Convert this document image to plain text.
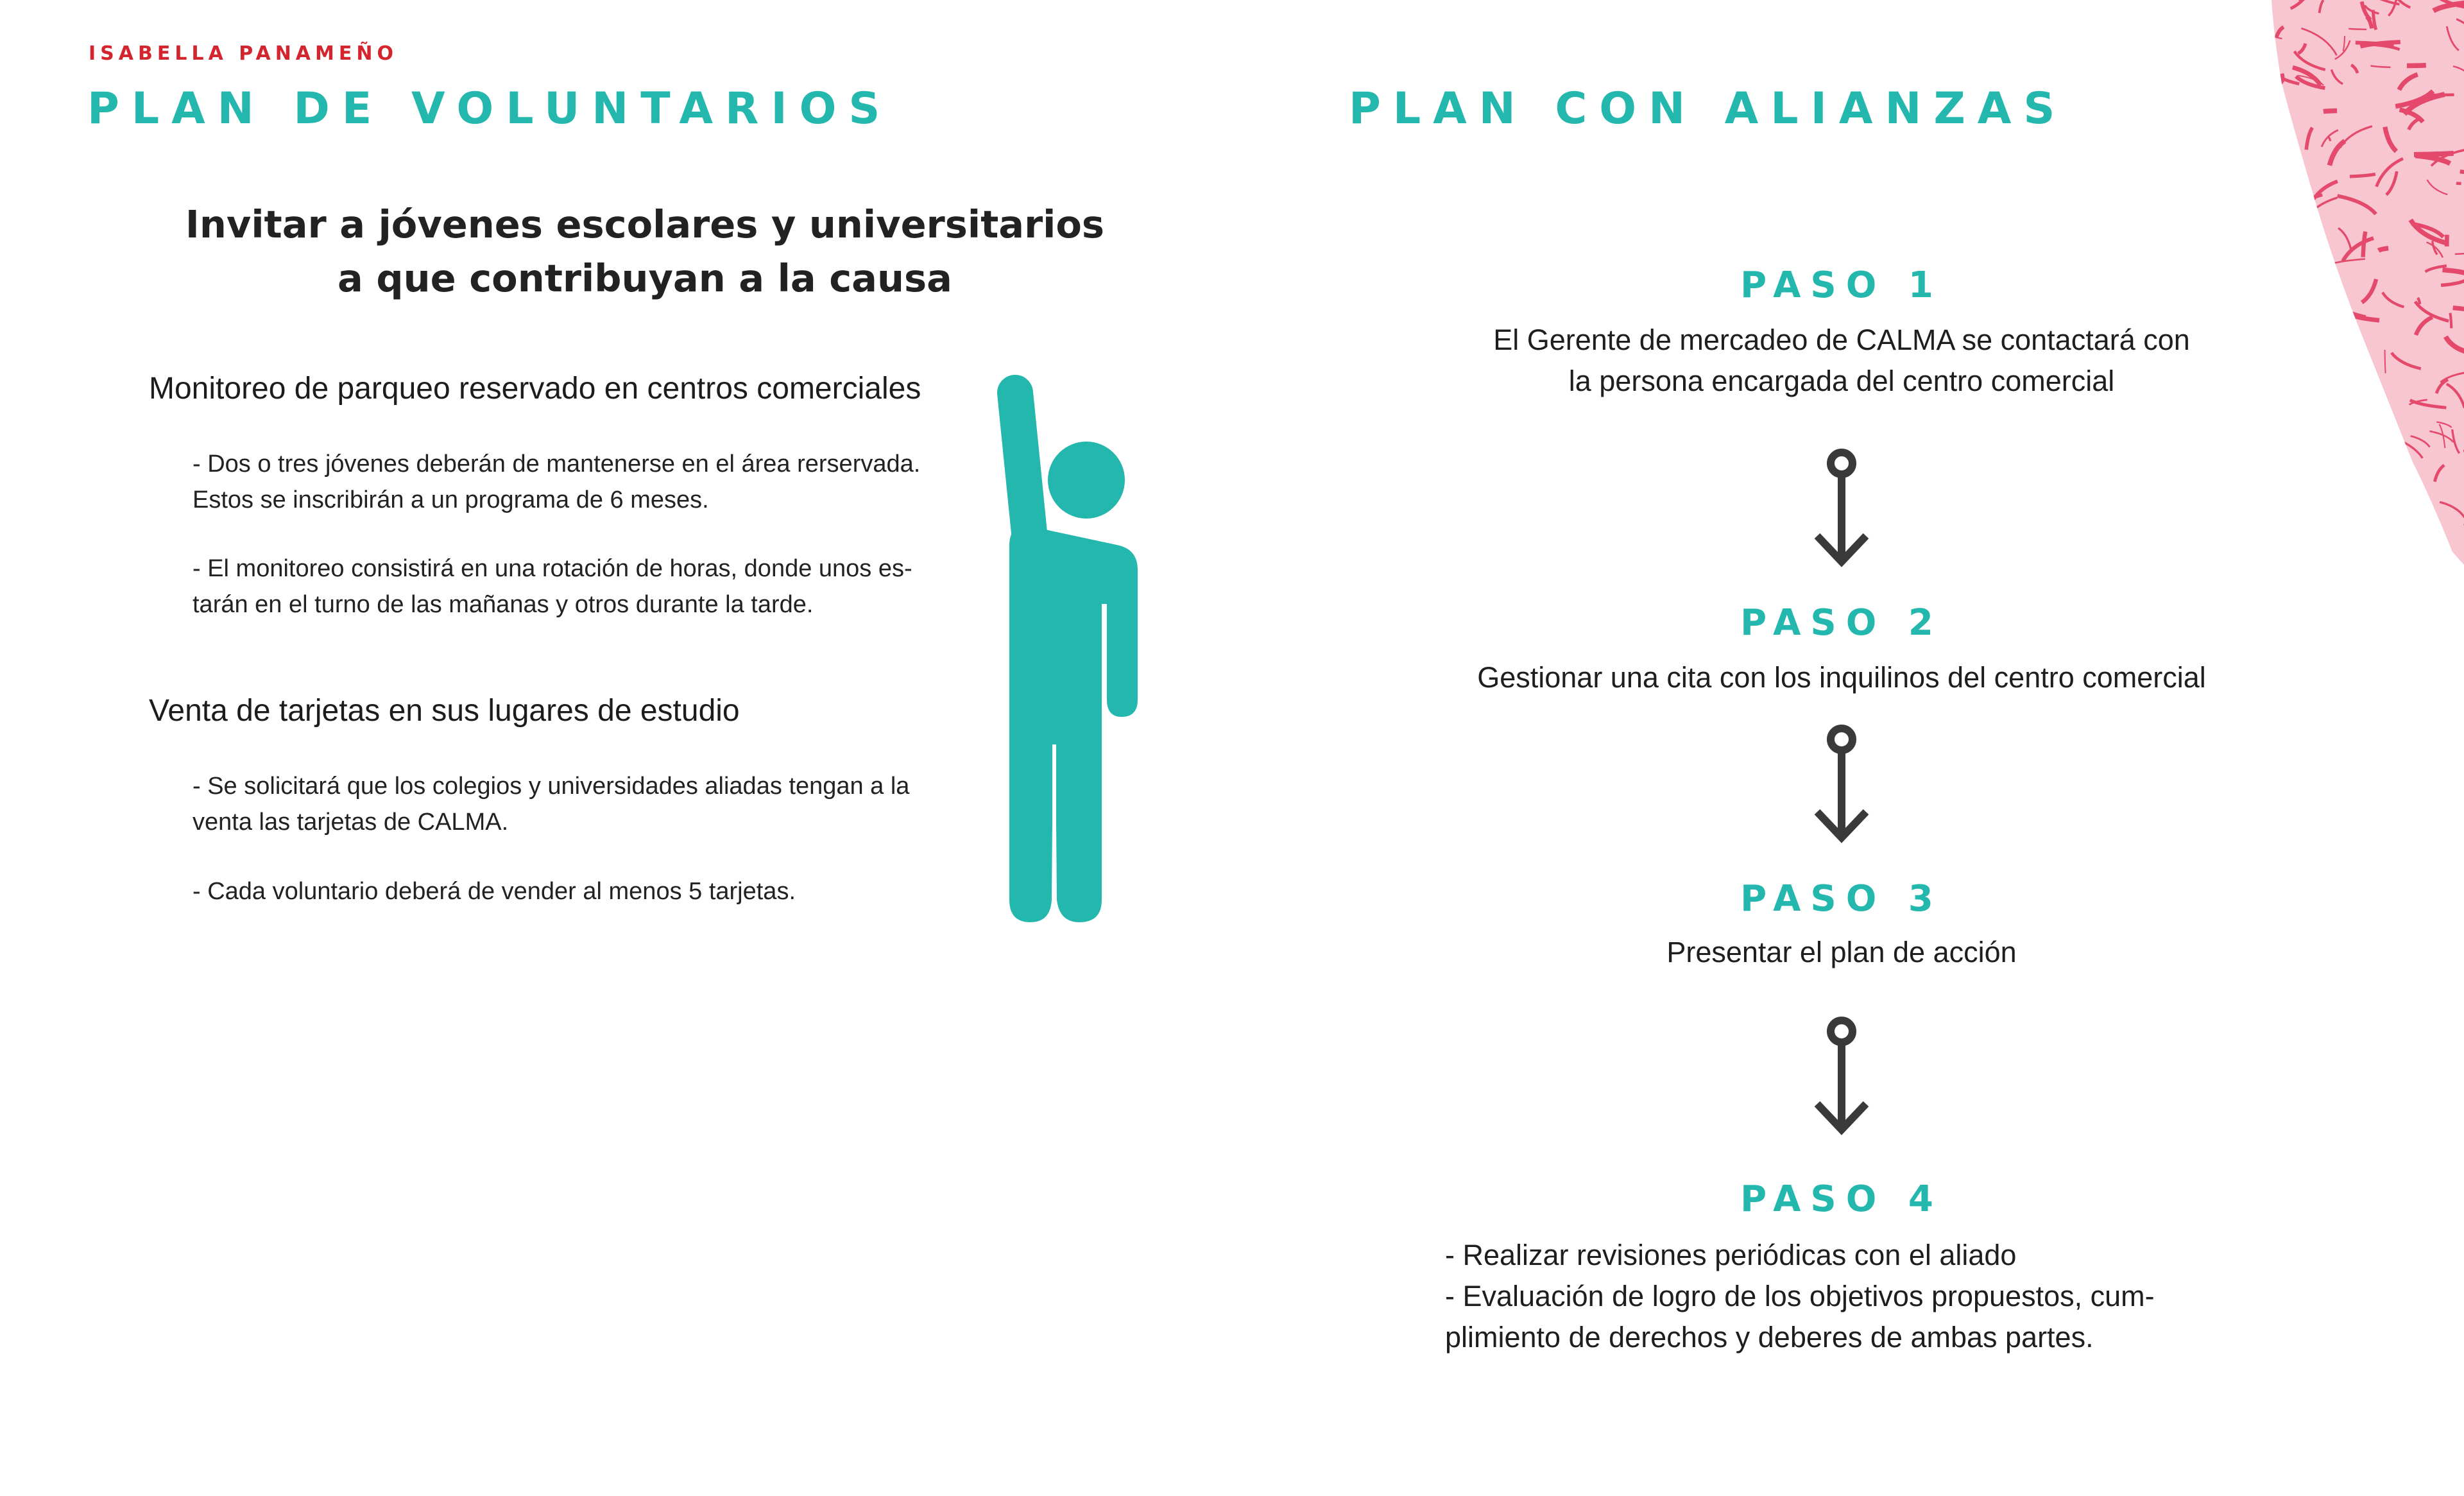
ISABELLA PANAMEÑO
PLAN DE VOLUNTARIOS
Invitar a jóvenes escolares y universitarios
a que contribuyan a la causa
Monitoreo de parqueo reservado en centros comerciales
- Dos o tres jóvenes deberán de mantenerse en el área rerservada.
Estos se inscribirán a un programa de 6 meses.
- El monitoreo consistirá en una rotación de horas, donde unos es-
tarán en el turno de las mañanas y otros durante la tarde.
Venta de tarjetas en sus lugares de estudio
- Se solicitará que los colegios y universidades aliadas tengan a la
venta las tarjetas de CALMA.
- Cada voluntario deberá de vender al menos 5 tarjetas.
PLAN CON ALIANZAS
PASO 1
El Gerente de mercadeo de CALMA se contactará con
la persona encargada del centro comercial
PASO 2
Gestionar una cita con los inquilinos del centro comercial
PASO 3
Presentar el plan de acción
PASO 4
- Realizar revisiones periódicas con el aliado
- Evaluación de logro de los objetivos propuestos, cum-
plimiento de derechos y deberes de ambas partes.
